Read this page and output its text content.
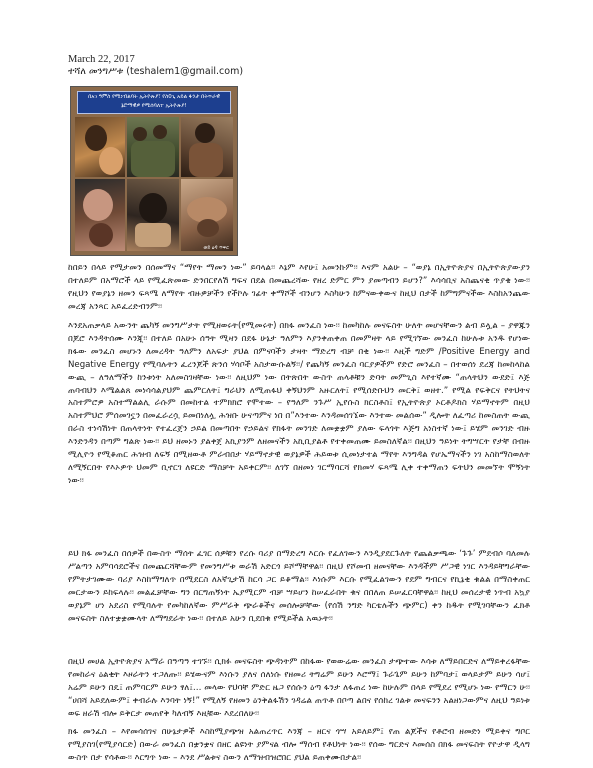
March 22, 2017
ተሻለ መንግሥቱ (teshalem1@gmail.com)
በአገ ዓምስ የሚነብልባት ኢትዮጵያ፣ የስ0ጊ አይል ፋንታ በትጥራዊ ኔሮማዊዎ የሚሰባለተ ኢትዮጵያ!
ወይ ዕዳ ጥፍር

ከበይን በላይ የሚታመን በሰመማና “ማየት ማመን ነው” ይባላል፡፡ እኔም እየሁ፤ አመንኩም፡፡ እናም አልሁ – “ወያኔ በኢትዮጵያና በኢትዮጵያውያን በተለይም በአማሮች ላይ የሚፈጽመው ድንበርየለሽ ግፍና በደል በመጨረሻው የዘረ ድምር ምን ያመጣብን ይሆን?” እሳሳቢና አስጨናቂ ጥያቄ ነው፡፡ የዚህን የወያኔን ዘመን ፍጻሜ ለማየት ብዙዎቻችን የችኮሉ ገፊት ቀማሾች ብንሆን እስካሁን ከምናውቀውና ከዚህ በታች ከምግምናችው እስከአንጨው መረጃ አንጻር አይፈረድብንም፡፡

እንደአጠቃላይ አውንት ጨካኝ መንግሥታት የሚዘወሩት(የሚመሩት) በክፋ መንፈስ ነው፡፡ ከመካከሉ መናፍስት ሁለት መሆናቸውን ልብ ይሏል – ያዋጁን በጆሮ እንዳትሰሙ እንጂ፡፡ በተለይ በአሁኑ ሰዓት ሚዛን በደፋ ሁኔታ ዓለምን እያንቀጠቀጠ በመምዛት ላይ የሚገኘው መንፈስ ከሁሉቱ አንዱ የሆነው ክፋው መንፈስ መሆኑን ለመረዳት ዓለምን ለአፍታ ያህል በምናባችን ታዛት ማድረግ ብቻ በቂ ነው፡፡ እዚች ግድም /Positive Energy and Negative Energy የሚባሉትን ፈረንጆች ጽንሰ ሃሳቦች አስታውሱልኝ፡፡/ የጨካኝ መንፈስ ባርያዎችም የድሮ መንፈስ – በተወሰነ ደረጃ ከመከላከል ውጪ – ለዓለማችን ከንቱነት አለመስገዛቸው ነው፡፡ ለዚህም ነው በትጽበት ውስጥ ጠላቶቹን ድባት መምጊስ እየተኛሙ “ጠላትህን ውደድ፤ እጅ ጠባብህን እሜልልጸ መነሳሳልያህም ጨምርለት፤ ግራህን ለሚጠፋህ ቀኝህንም አዙርለት፤ የሚሰድቡህን መርቅ፤ ወዘተ.” የሚል የፍቅርና የትህትና አስተምሮዎ አስተማልልሊ ራሱም በመከተል ተምክክሮ የሞተው – የዓለም ንጉሥ ኢየሱስ ክርስቶስ፤ የኢትዮጵያ ኦርቶዶክስ ሃይማኖትም በዚህ አስተምህሮ ምሰመገኗን በመፈራረሷ ይመበነለሏ ሕዝቡ ሁናጣምና ነበ በ”እንተው እንዳመሰገኜው እንተው መልሰው” ዲሎት ለፈጣሪ ከመስጠት ውጪ በራስ ተነሳሽነት በጠላትነት የተፈረጀን ኃይል በመጣበት የኃይልና የክፋት መንገድ ለመቋቋም ያለው ፍላጎት እጅግ አነስተኛ ነው፤ ይሄም መንገድ ብዙ እንድንዳን በጣም ግልጽ ነው፡፡ ይህ ዘመኑን ያልቀጀ አኪያንም ለዘመናችን አኪቢያልቶ የተቀመጠሙ ይመስለኛል፡፡ በዚህን ዓይነት ትግሣርት የታቸ በብዙ ሚሊዮን የሚቆጠር ሕዝብ ለፍኝ በሚዘውቶ ምራብበታ ሃይማኖታዊ ወያኔዎች ሕይወቱ ሲመነታተል ማየት እንግዳል የሆኤማናችን ነገ አስከማስወለት ለሚኝርበት የእኦዎጥ ህመም ቢኖርገ ለዩርድ ማስቻት አይቀርም፡፡ ለገኘ በዘመነ ገርማባርሻ የክመሃ ፍጻሜ ሊቀ ተቀማጠን ፍትህን መመኘት ሞኝነት ነው፡፡

ይህ ክፋ መንፈስ በሰዎች በውስጥ ማሰት ፈገር ሰዎቹን የረሱ ባሪያ በማድረግ እርሱ የፈለገውን እንዲያደርጉለት የጨልቃጫው ‘ጉጉ’ ምደብሶ ባለመሉ ሥልጣን አምባሳደሮችና በመጨርሻቸውም የመንግሥቱ ወራሽ አድርጎ ይሾማቸዋል፡፡ በዚህ የሾመብ ዘመናቸው እንዳችም ሥጋዊ ነገር እንዳይቸግራቸው የምትታገሙው ባሪያ እስከማግለጥ በሚደርስ ለአኛጊታሽ ከርሳ ጋር ይቆማል፡፡ እነሱም እርሱ የሚፈልገውን የደም ግብርና የኪኔቂ ቁልል በማስቀጠር መርታውን ይከፍላሉ፡፡ መልፈቻቸው ግን በርግጠኝነት ኤያሚርም ብቻ ሣይሆን ከሠፈራበት ቁና በበለጠ ይሠፈርባቸዋል፡፡ ከዚህ መሰረታዊ ነጥብ አኳያ ወያኔም ሆነ አደሪስ የሚባሉት የመካከለኛው ምሥራቅ ጭራቆችና መሰሎቻቸው (የሰሽ ንግድ ካርቴሉችን ጭምር) ቀን ከዱት የሚገባቸውን ፈክቶ መናፍስት ስለተቋቋሙላት ለማግደራት ነው፡፡ በተለይ አሁን ቢደበቁ የሚይችል አዉኑት፡፡

በዚህ መሀል ኢትዮጵያና አማራ በዓጣዓ ተገኙ፡፡ ሲክፉ መናፍስት ጭዳነትም በከፋው የወውሬው መንፈስ ታጭተው እሳቱ ለማይበርድና ለማይቀረፋቸው የመከራና ዕልቂት እዞራትን ተጋለጡ፡፡ ይሄውናም እነሱን ያለና ሰለነሱ የዘመሪ ትግሬም ይሁን እሮማ፤ ጉራጌም ይሁን ከምባታ፤ ወላይታም ይሁን ሳሆ፤ አሬም ይሁን በዴ፤ ጠምባርም ይሁን ፃለ፤… መላው የህባቸ ምድር ዜጋ የሰሱን ዕጣ ፋንታ ለፋጠረ ነው ከሁሉም በላይ የሚደረ የሚሆኑ ነው የማርን ሁ፡፡ “ሀበሻ አይደለውም፤ ቀብራሉ እንባት ነኝ!” የሚለኝ የዘመን ዕንቅልፋሽን ገዳሬል ጠጥቶ በቦጣ ልበና የሰከረ ገልቱ መናፍንን አልዘነጋውምና ለዚህ ዓይነቱ ወፍ ዘራሽ ብሎ ይቅርታ መጠየቅ ካለብኝ እዚቹው እደረበለሁ፡፡

ክፋ መንፈስ – እየመሳሰገና በሁኔታዎች እስከሚያጭዝ አልጠረጥር እንጃ – ዘርና ጎሣ አይለይም፤ የጠ ልጆችና የቶሮብ ዘመድነ ሚይቀና ግቦር የሚያስገ(የሚያሳርድ) በውራ መንፈስ በቋንቋና በዘር ልዩነት ያምናል ብሎ ማሰብ የቶህነት ነው፡፡ የሰው ግርድና እመሰስ በክፋ መናፍስት የዮታዋ ዲላግ ውስጥ በታ የሳቶው፡፡ እርግጥ ነው – እንደ ሥልቱና ስውን ለማዝብዝሮበር ያህል ይጠቀሙበታል፡፡
